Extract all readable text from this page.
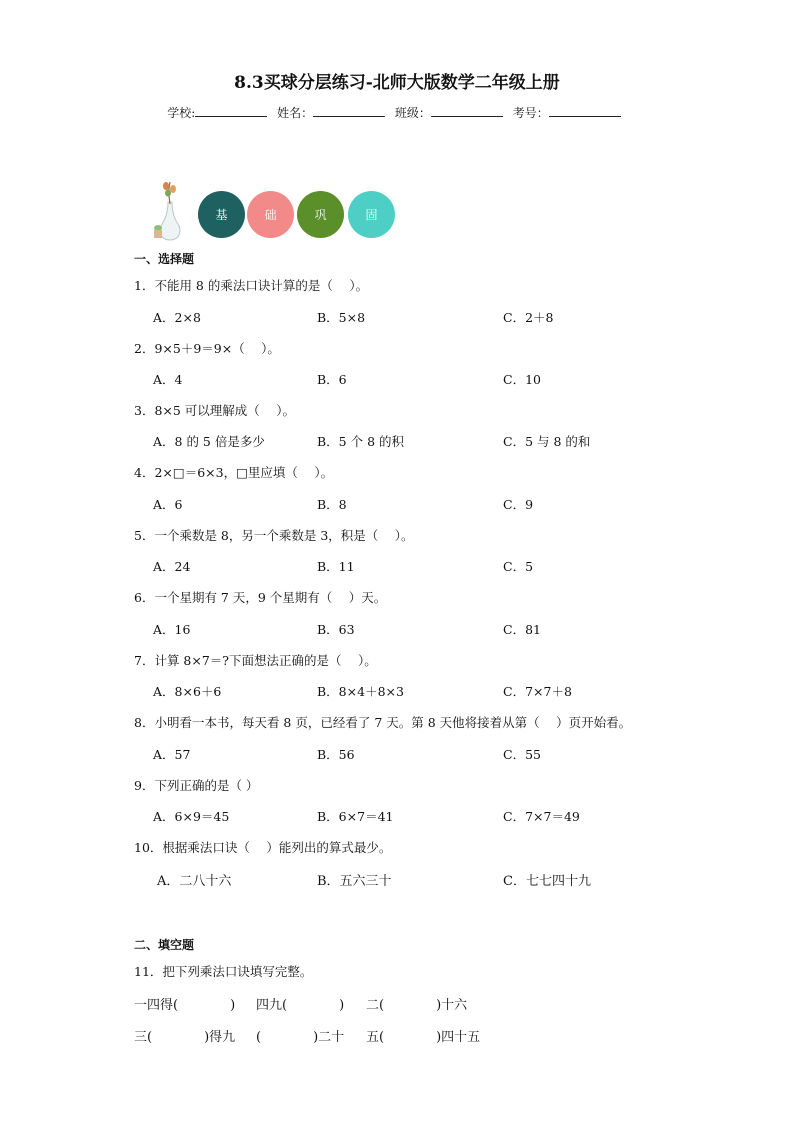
8.3买球分层练习-北师大版数学二年级上册
学校:	姓名：	班级：	考号：
基	础	巩	固
一、选择题
1．不能用 8 的乘法口诀计算的是（　 ）。
A．2×8	B．5×8	C．2＋8
2．9×5＋9＝9×（　 ）。
A．4	B．6	C．10
3．8×5 可以理解成（　 ）。
A．8 的 5 倍是多少	B．5 个 8 的积	C．5 与 8 的和
4．2×□＝6×3，□里应填（　 ）。
A．6	B．8	C．9
5．一个乘数是 8，另一个乘数是 3，积是（　 ）。
A．24	B．11	C．5
6．一个星期有 7 天，9 个星期有（　 ）天。
A．16	B．63	C．81
7．计算 8×7＝?下面想法正确的是（　 ）。
A．8×6＋6	B．8×4＋8×3	C．7×7＋8
8．小明看一本书，每天看 8 页，已经看了 7 天。第 8 天他将接着从第（　 ）页开始看。
A．57	B．56	C．55
9．下列正确的是（ ）
A．6×9＝45	B．6×7＝41	C．7×7＝49
10．根据乘法口诀（　 ）能列出的算式最少。
A．二八十六	B．五六三十	C．七七四十九
二、填空题
11．把下列乘法口诀填写完整。
一四得(　　　　) 四九(　　　　) 二(　　　　)十六
三(　　　　)得九 (　　　　)二十 五(　　　　)四十五
